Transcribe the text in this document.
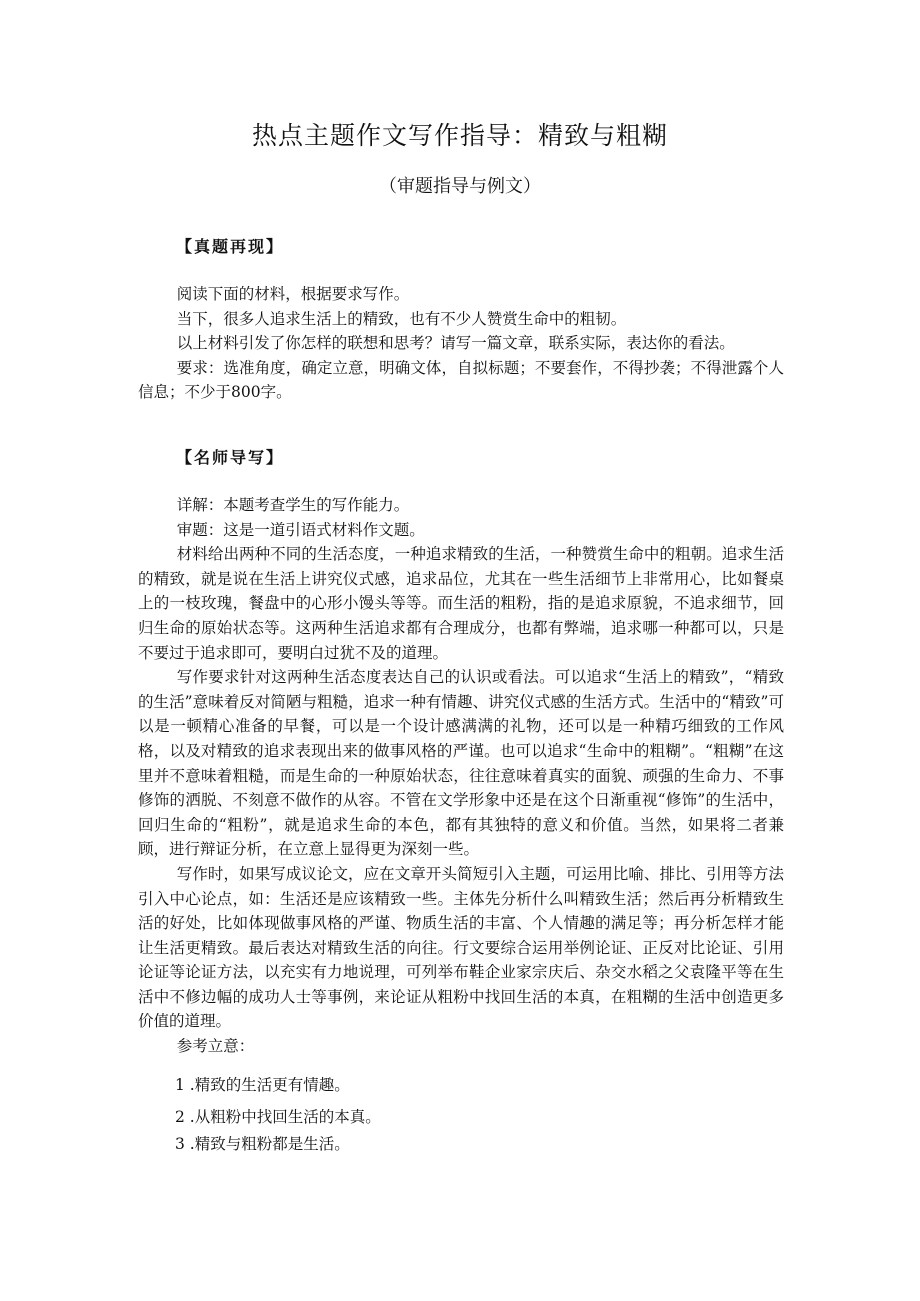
热点主题作文写作指导：精致与粗糊
（审题指导与例文）
【真题再现】

阅读下面的材料，根据要求写作。

当下，很多人追求生活上的精致，也有不少人赞赏生命中的粗韧。

以上材料引发了你怎样的联想和思考？请写一篇文章，联系实际，表达你的看法。

要求：选准角度，确定立意，明确文体，自拟标题；不要套作，不得抄袭；不得泄露个人信息；不少于800字。

【名师导写】

详解：本题考查学生的写作能力。

审题：这是一道引语式材料作文题。

材料给出两种不同的生活态度，一种追求精致的生活，一种赞赏生命中的粗朝。追求生活的精致，就是说在生活上讲究仪式感，追求品位，尤其在一些生活细节上非常用心，比如餐桌上的一枝玫瑰，餐盘中的心形小馒头等等。而生活的粗粉，指的是追求原貌，不追求细节，回归生命的原始状态等。这两种生活追求都有合理成分，也都有弊端，追求哪一种都可以，只是不要过于追求即可，要明白过犹不及的道理。

写作要求针对这两种生活态度表达自己的认识或看法。可以追求“生活上的精致”，“精致的生活”意味着反对简陋与粗糙，追求一种有情趣、讲究仪式感的生活方式。生活中的“精致”可以是一顿精心准备的早餐，可以是一个设计感满满的礼物，还可以是一种精巧细致的工作风格，以及对精致的追求表现出来的做事风格的严谨。也可以追求“生命中的粗糊”。“粗糊”在这里并不意味着粗糙，而是生命的一种原始状态，往往意味着真实的面貌、顽强的生命力、不事修饰的洒脱、不刻意不做作的从容。不管在文学形象中还是在这个日渐重视“修饰”的生活中，回归生命的“粗粉”，就是追求生命的本色，都有其独特的意义和价值。当然，如果将二者兼顾，进行辩证分析，在立意上显得更为深刻一些。

写作时，如果写成议论文，应在文章开头简短引入主题，可运用比喻、排比、引用等方法引入中心论点，如：生活还是应该精致一些。主体先分析什么叫精致生活；然后再分析精致生活的好处，比如体现做事风格的严谨、物质生活的丰富、个人情趣的满足等；再分析怎样才能让生活更精致。最后表达对精致生活的向往。行文要综合运用举例论证、正反对比论证、引用论证等论证方法，以充实有力地说理，可列举布鞋企业家宗庆后、杂交水稻之父袁隆平等在生活中不修边幅的成功人士等事例，来论证从粗粉中找回生活的本真，在粗糊的生活中创造更多价值的道理。

参考立意：

1 .精致的生活更有情趣。
2 .从粗粉中找回生活的本真。
3 .精致与粗粉都是生活。
